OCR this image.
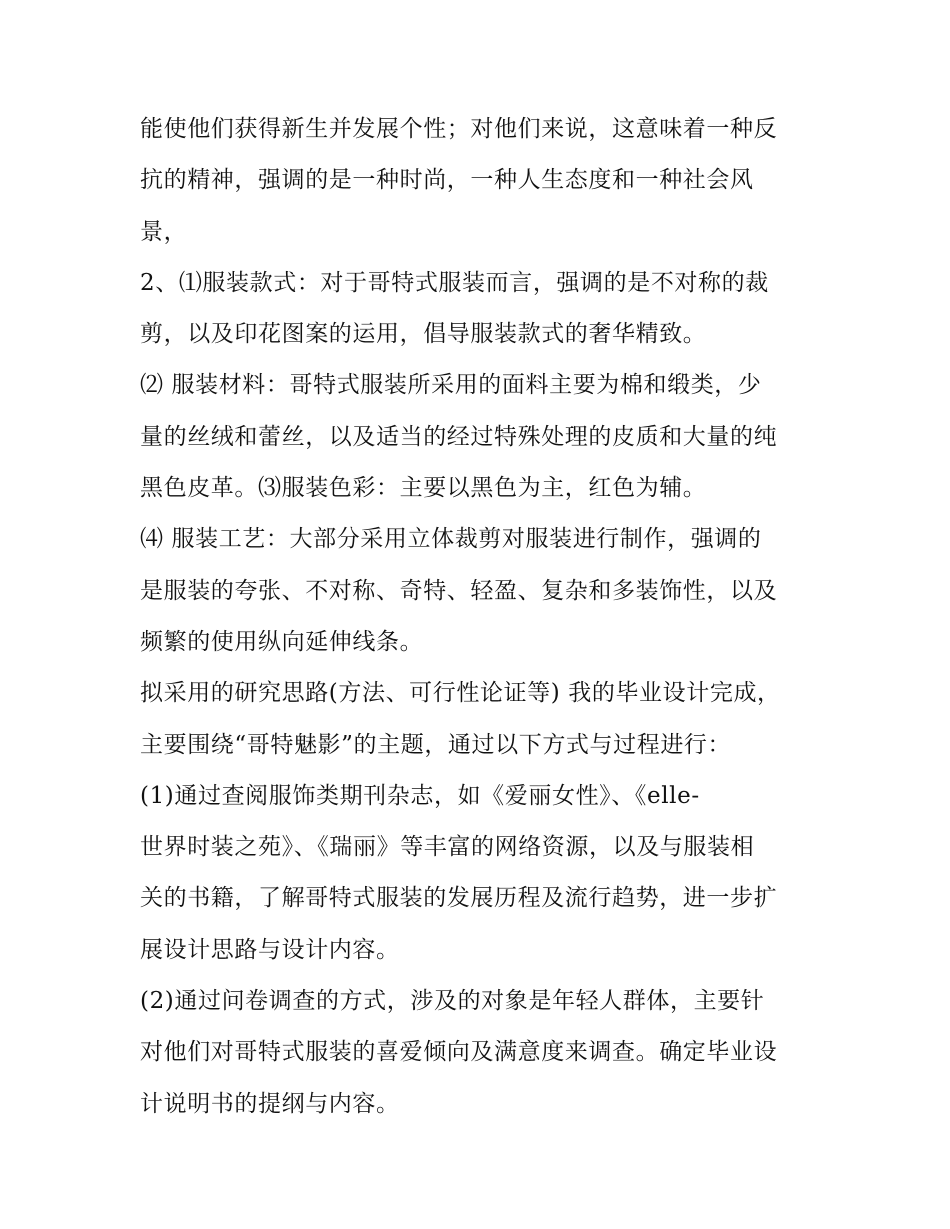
能使他们获得新生并发展个性；对他们来说，这意味着一种反
抗的精神，强调的是一种时尚，一种人生态度和一种社会风
景，
2、⑴服装款式：对于哥特式服装而言，强调的是不对称的裁
剪，以及印花图案的运用，倡导服装款式的奢华精致。
⑵ 服装材料：哥特式服装所采用的面料主要为棉和缎类，少
量的丝绒和蕾丝，以及适当的经过特殊处理的皮质和大量的纯
黑色皮革。⑶服装色彩：主要以黑色为主，红色为辅。
⑷ 服装工艺：大部分采用立体裁剪对服装进行制作，强调的
是服装的夸张、不对称、奇特、轻盈、复杂和多装饰性，以及
频繁的使用纵向延伸线条。
拟采用的研究思路(方法、可行性论证等) 我的毕业设计完成，
主要围绕“哥特魅影”的主题，通过以下方式与过程进行：
(1)通过查阅服饰类期刊杂志，如《爱丽女性》、《elle-
世界时装之苑》、《瑞丽》等丰富的网络资源，以及与服装相
关的书籍，了解哥特式服装的发展历程及流行趋势，进一步扩
展设计思路与设计内容。
(2)通过问卷调查的方式，涉及的对象是年轻人群体，主要针
对他们对哥特式服装的喜爱倾向及满意度来调查。确定毕业设
计说明书的提纲与内容。
